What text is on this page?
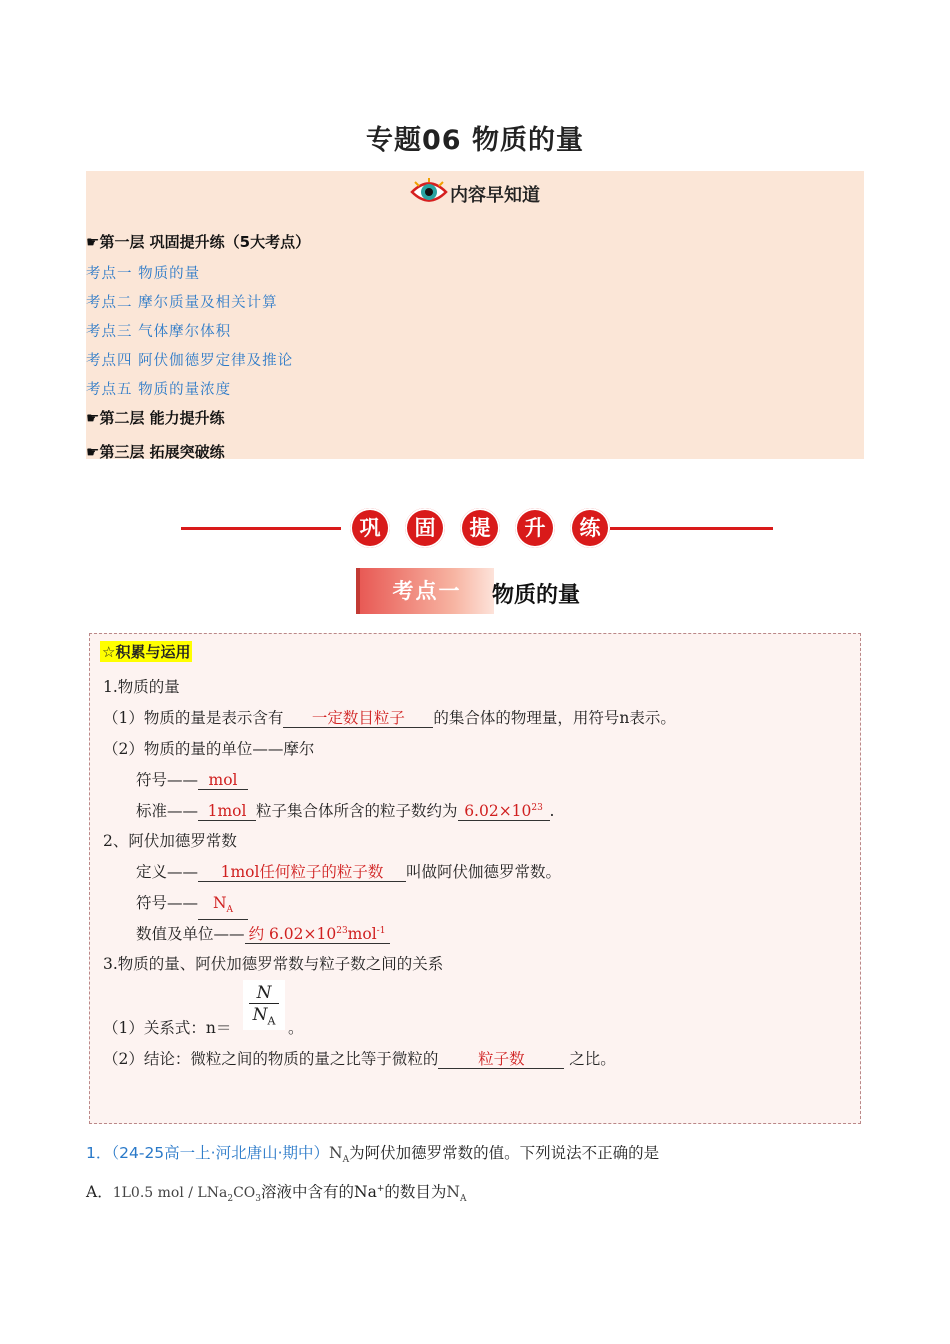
专题06 物质的量
内容早知道
☛第一层 巩固提升练（5大考点）
考点一 物质的量
考点二 摩尔质量及相关计算
考点三 气体摩尔体积
考点四 阿伏伽德罗定律及推论
考点五 物质的量浓度
☛第二层 能力提升练
☛第三层 拓展突破练
巩	固	提	升	练
考点一	物质的量
☆积累与运用
1.物质的量
（1）物质的量是表示含有 一定数目粒子 的集合体的物理量，用符号n表示。
（2）物质的量的单位——摩尔
符号—— mol
标准—— 1mol 粒子集合体所含的粒子数约为 $6.02\times 10^{23}$ .
2、阿伏加德罗常数
定义—— 1mol任何粒子的粒子数 叫做阿伏伽德罗常数。
符号—— $N_A$
数值及单位—— 约 $6.02\times 10^{23}mol^{-1}$
3.物质的量、阿伏加德罗常数与粒子数之间的关系
$\frac{N}{N_A}$
（1）关系式：n＝	。
（2）结论：微粒之间的物质的量之比等于微粒的	粒子数	之比。
1．（24-25高一上·河北唐山·期中）$N_A$为阿伏加德罗常数的值。下列说法不正确的是
A．1L0.5 mol / $LNa_2CO_3$溶液中含有的Na+的数目为$N_A$
